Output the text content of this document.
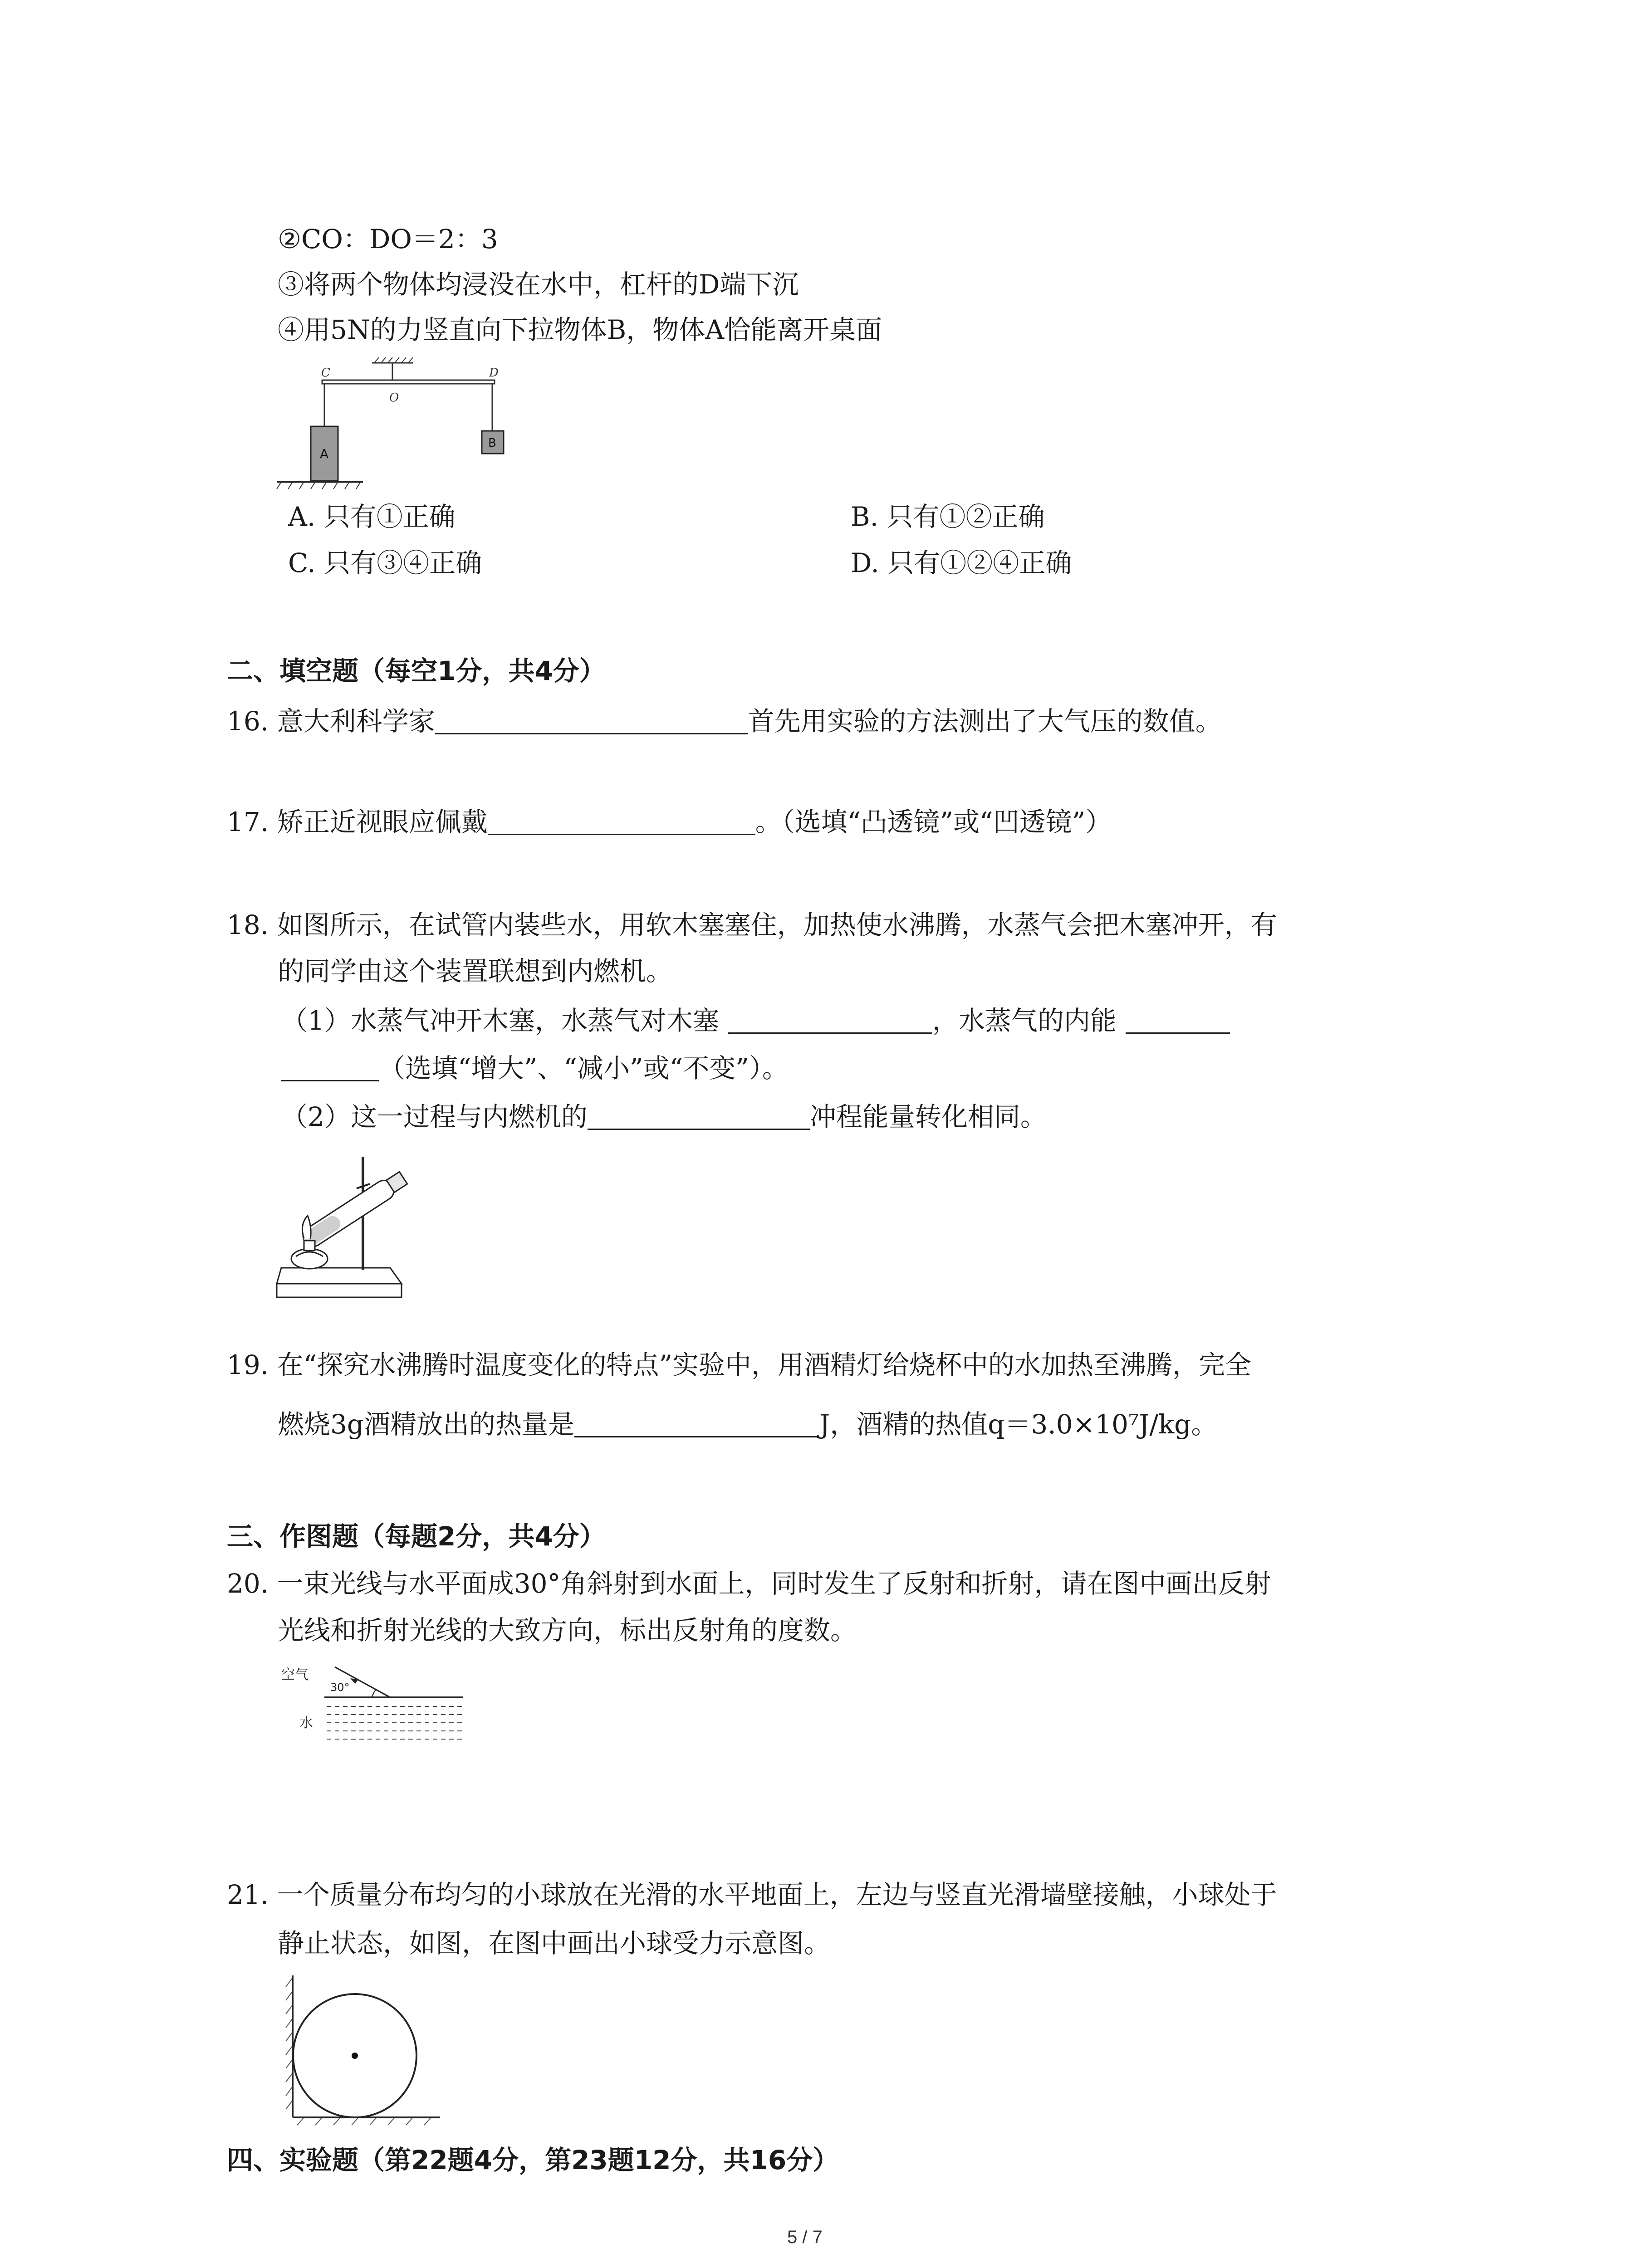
②CO：DO＝2：3
③将两个物体均浸没在水中，杠杆的D端下沉
④用5N的力竖直向下拉物体B，物体A恰能离开桌面
C	D
O
A
B
A. 只有①正确	B. 只有①②正确
C. 只有③④正确	D. 只有①②④正确
二、填空题（每空1分，共4分）
16. 意大利科学家	首先用实验的方法测出了大气压的数值。
17. 矫正近视眼应佩戴	。（选填“凸透镜”或“凹透镜”）
18. 如图所示，在试管内装些水，用软木塞塞住，加热使水沸腾，水蒸气会把木塞冲开，有
的同学由这个装置联想到内燃机。
（1）水蒸气冲开木塞，水蒸气对木塞	，水蒸气的内能
（选填“增大”、“减小”或“不变”）。
（2）这一过程与内燃机的	冲程能量转化相同。
19. 在“探究水沸腾时温度变化的特点”实验中，用酒精灯给烧杯中的水加热至沸腾，完全
燃烧3g酒精放出的热量是	J，酒精的热值q＝3.0×10⁷J/kg。
三、作图题（每题2分，共4分）
20. 一束光线与水平面成30°角斜射到水面上，同时发生了反射和折射，请在图中画出反射
光线和折射光线的大致方向，标出反射角的度数。
空气
水
30°
21. 一个质量分布均匀的小球放在光滑的水平地面上，左边与竖直光滑墙壁接触，小球处于
静止状态，如图，在图中画出小球受力示意图。
四、实验题（第22题4分，第23题12分，共16分）
5 / 7
